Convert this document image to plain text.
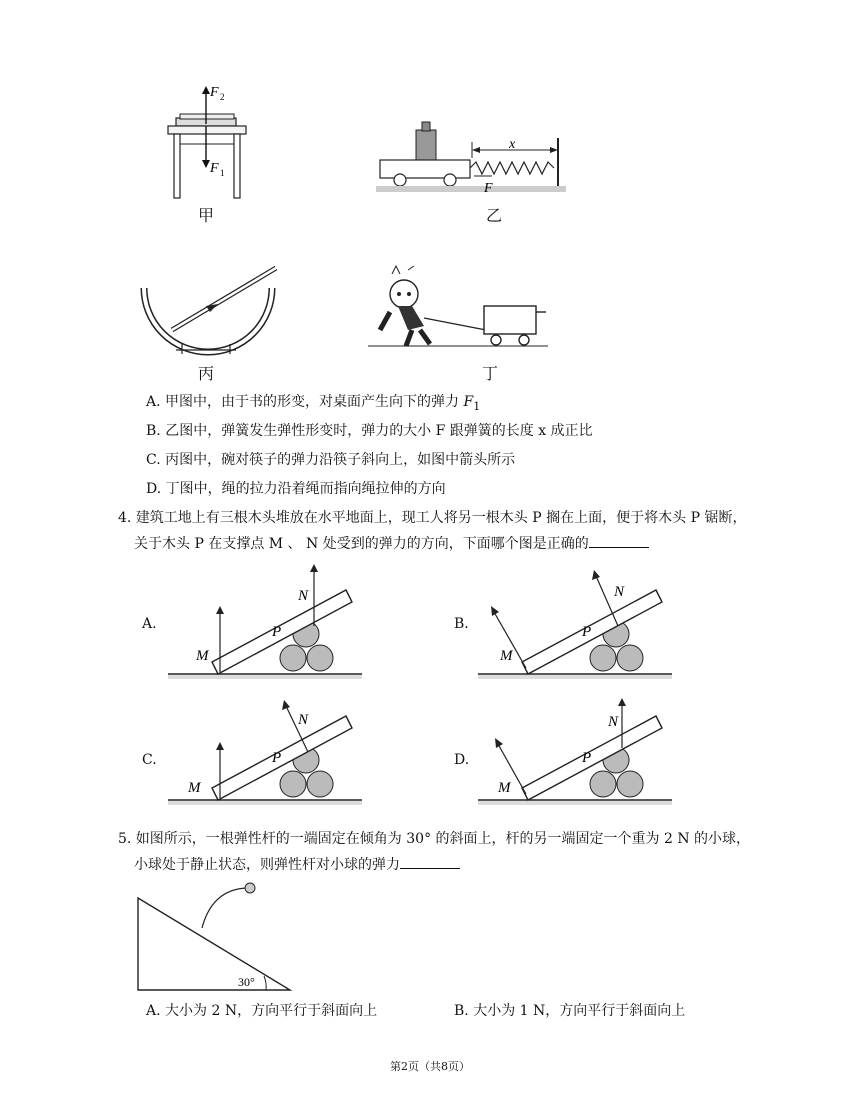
F 2
F 1
甲
x
F
乙
丙	丁
A. 甲图中，由于书的形变，对桌面产生向下的弹力 $F_1$
B. 乙图中，弹簧发生弹性形变时，弹力的大小 F 跟弹簧的长度 x 成正比
C. 丙图中，碗对筷子的弹力沿筷子斜向上，如图中箭头所示
D. 丁图中，绳的拉力沿着绳而指向绳拉伸的方向
4. 建筑工地上有三根木头堆放在水平地面上，现工人将另一根木头 P 搁在上面，便于将木头 P 锯断，
关于木头 P 在支撑点 M 、 N 处受到的弹力的方向，下面哪个图是正确的
A.
M
N
P	B.
M
N
P
C.
M
N
P	D.
M
N
P
5. 如图所示，一根弹性杆的一端固定在倾角为 30° 的斜面上，杆的另一端固定一个重为 2 N 的小球，
小球处于静止状态，则弹性杆对小球的弹力
30°
A. 大小为 2 N，方向平行于斜面向上	B. 大小为 1 N，方向平行于斜面向上
第2页（共8页）
